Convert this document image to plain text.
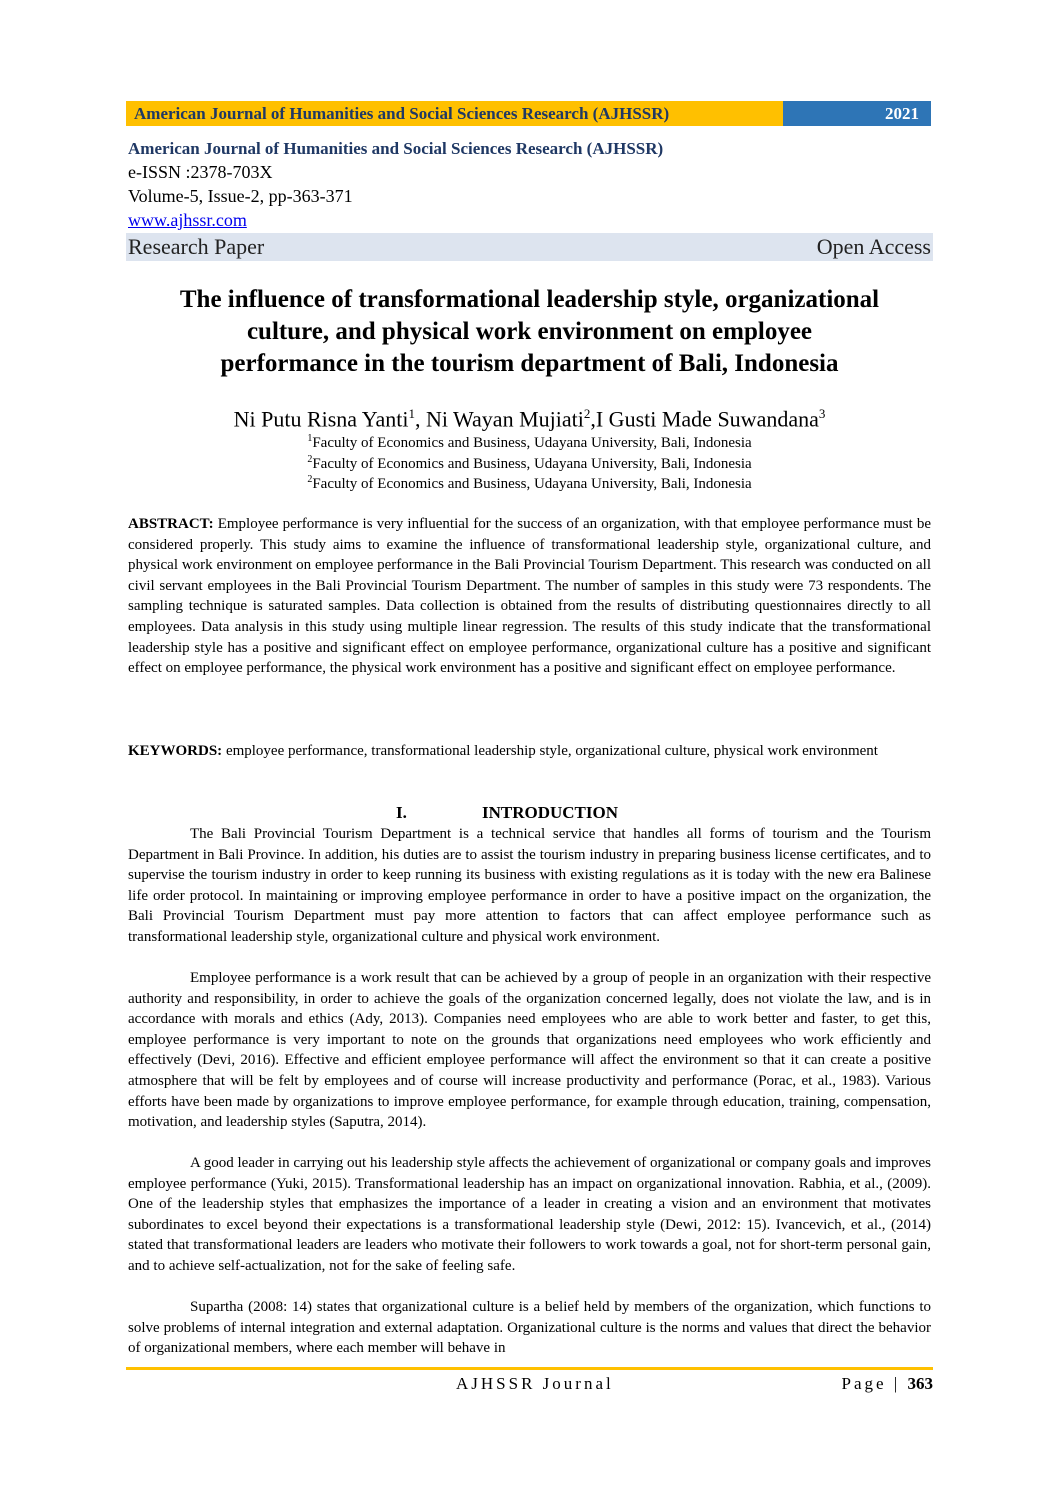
American Journal of Humanities and Social Sciences Research (AJHSSR)	2021
American Journal of Humanities and Social Sciences Research (AJHSSR)
e-ISSN :2378-703X
Volume-5, Issue-2, pp-363-371
www.ajhssr.com
Research Paper	Open Access
The influence of transformational leadership style, organizational
culture, and physical work environment on employee
performance in the tourism department of Bali, Indonesia
Ni Putu Risna Yanti$^1$, Ni Wayan Mujiati$^2$,I Gusti Made Suwandana$^3$
$^1$Faculty of Economics and Business, Udayana University, Bali, Indonesia
$^2$Faculty of Economics and Business, Udayana University, Bali, Indonesia
$^2$Faculty of Economics and Business, Udayana University, Bali, Indonesia
ABSTRACT: Employee performance is very influential for the success of an organization, with that employee performance must be considered properly. This study aims to examine the influence of transformational leadership style, organizational culture, and physical work environment on employee performance in the Bali Provincial Tourism Department. This research was conducted on all civil servant employees in the Bali Provincial Tourism Department. The number of samples in this study were 73 respondents. The sampling technique is saturated samples. Data collection is obtained from the results of distributing questionnaires directly to all employees. Data analysis in this study using multiple linear regression. The results of this study indicate that the transformational leadership style has a positive and significant effect on employee performance, organizational culture has a positive and significant effect on employee performance, the physical work environment has a positive and significant effect on employee performance.
KEYWORDS: employee performance, transformational leadership style, organizational culture, physical work environment
I.	INTRODUCTION
The Bali Provincial Tourism Department is a technical service that handles all forms of tourism and the Tourism Department in Bali Province. In addition, his duties are to assist the tourism industry in preparing business license certificates, and to supervise the tourism industry in order to keep running its business with existing regulations as it is today with the new era Balinese life order protocol. In maintaining or improving employee performance in order to have a positive impact on the organization, the Bali Provincial Tourism Department must pay more attention to factors that can affect employee performance such as transformational leadership style, organizational culture and physical work environment.
Employee performance is a work result that can be achieved by a group of people in an organization with their respective authority and responsibility, in order to achieve the goals of the organization concerned legally, does not violate the law, and is in accordance with morals and ethics (Ady, 2013). Companies need employees who are able to work better and faster, to get this, employee performance is very important to note on the grounds that organizations need employees who work efficiently and effectively (Devi, 2016). Effective and efficient employee performance will affect the environment so that it can create a positive atmosphere that will be felt by employees and of course will increase productivity and performance (Porac, et al., 1983). Various efforts have been made by organizations to improve employee performance, for example through education, training, compensation, motivation, and leadership styles (Saputra, 2014).
A good leader in carrying out his leadership style affects the achievement of organizational or company goals and improves employee performance (Yuki, 2015). Transformational leadership has an impact on organizational innovation. Rabhia, et al., (2009). One of the leadership styles that emphasizes the importance of a leader in creating a vision and an environment that motivates subordinates to excel beyond their expectations is a transformational leadership style (Dewi, 2012: 15). Ivancevich, et al., (2014) stated that transformational leaders are leaders who motivate their followers to work towards a goal, not for short-term personal gain, and to achieve self-actualization, not for the sake of feeling safe.
Supartha (2008: 14) states that organizational culture is a belief held by members of the organization, which functions to solve problems of internal integration and external adaptation. Organizational culture is the norms and values that direct the behavior of organizational members, where each member will behave in
AJHSSR Journal	Page | 363
